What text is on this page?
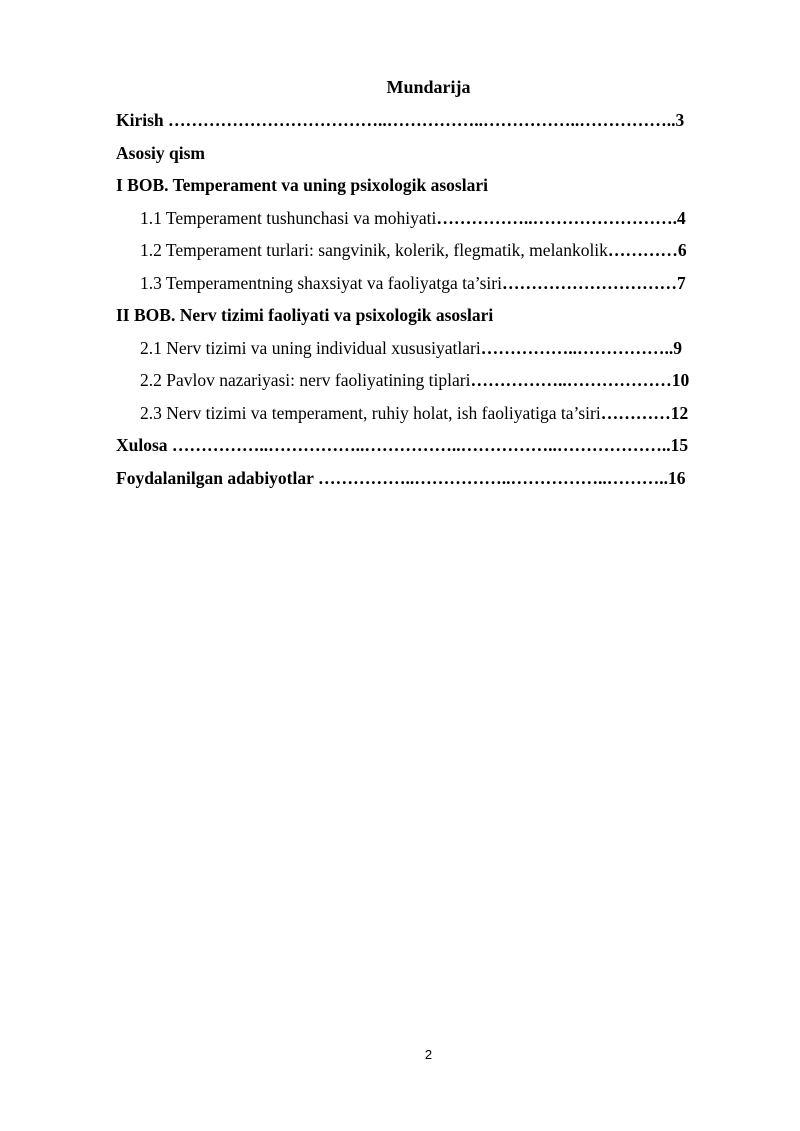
Mundarija
Kirish ………………………………..……………..……………..……………..3
Asosiy qism
I BOB. Temperament va uning psixologik asoslari
1.1 Temperament tushunchasi va mohiyati……………..…………………….4
1.2 Temperament turlari: sangvinik, kolerik, flegmatik, melankolik…………6
1.3 Temperamentning shaxsiyat va faoliyatga ta’siri…………………………7
II BOB. Nerv tizimi faoliyati va psixologik asoslari
2.1 Nerv tizimi va uning individual xususiyatlari……………..……………..9
2.2 Pavlov nazariyasi: nerv faoliyatining tiplari……………..………………10
2.3 Nerv tizimi va temperament, ruhiy holat, ish faoliyatiga ta’siri…………12
Xulosa ……………..……………..……………..……………..………………..15
Foydalanilgan adabiyotlar ……………..……………..……………..………..16
2
